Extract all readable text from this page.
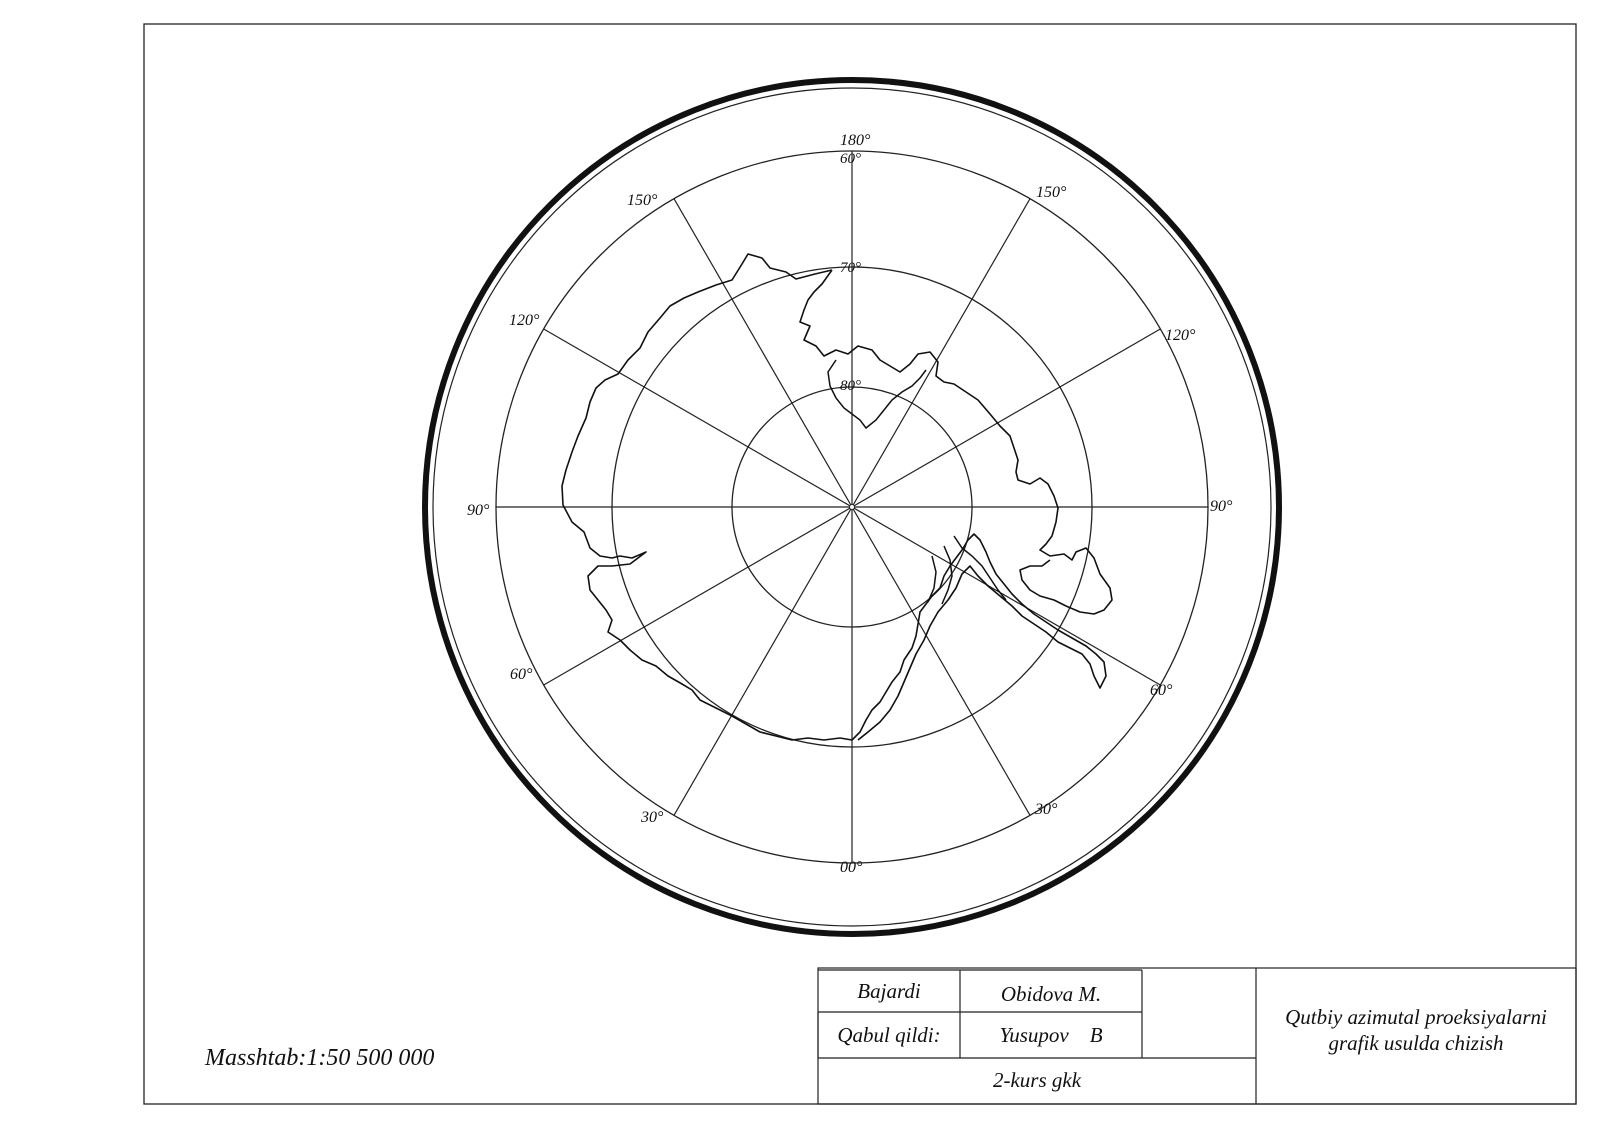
60°
70°
80°
180°
00°
90°	90°
120°
150°	150°
120°
60°
30°	30°
60°
Bajardi	Obidova M.
Qabul qildi:	Yusupov    B
2-kurs gkk
Qutbiy azimutal proeksiyalarni
grafik usulda chizish
Masshtab:1:50 500 000
